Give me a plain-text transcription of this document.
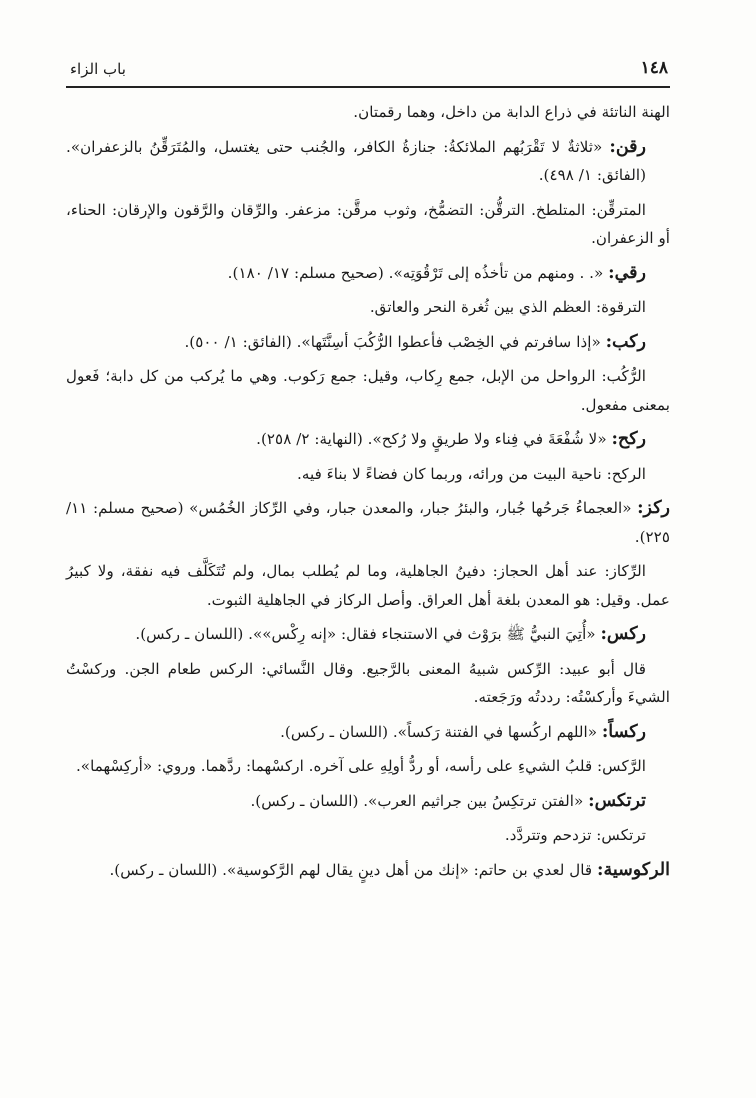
١٤٨
باب الزاء

الهنة الناتئة في ذراع الدابة من داخل، وهما رقمتان.

رقن: «ثلاثةٌ لا تَقْرَبُهم الملائكةُ: جنازةُ الكافر، والجُنب حتى يغتسل، والمُتَرَقِّنُ بالزعفران». (الفائق: ١/ ٤٩٨).

المترقِّن: المتلطخ. الترقُّن: التضمُّخ، وثوب مرقَّن: مزعفر. والرِّقان والرَّقون والإرقان: الحناء، أو الزعفران.

رقي: «. . ومنهم من تأخذُه إلى تَرْقُوَتِه». (صحيح مسلم: ١٧/ ١٨٠).

الترقوة: العظم الذي بين ثُغرة النحر والعاتق.

ركب: «إذا سافرتم في الخِصْب فأعطوا الرُّكُبَ أسِنَّتَها». (الفائق: ١/ ٥٠٠).

الرُّكُب: الرواحل من الإبل، جمع رِكاب، وقيل: جمع رَكوب. وهي ما يُركب من كل دابة؛ فَعول بمعنى مفعول.

ركح: «لا شُفْعَةَ في فِناء ولا طريقٍ ولا رُكح». (النهاية: ٢/ ٢٥٨).

الركح: ناحية البيت من ورائه، وربما كان فضاءً لا بناءَ فيه.

ركز: «العجماءُ جَرحُها جُبار، والبئرُ جبار، والمعدن جبار، وفي الرِّكاز الخُمُس» (صحيح مسلم: ١١/ ٢٢٥).

الرِّكاز: عند أهل الحجاز: دفينُ الجاهلية، وما لم يُطلب بمال، ولم تُتَكَلَّف فيه نفقة، ولا كبيرُ عمل. وقيل: هو المعدن بلغة أهل العراق. وأصل الركاز في الجاهلية الثبوت.

ركس: «أُتِيَ النبيُّ ﷺ برَوْث في الاستنجاء فقال: «إنه رِكْس»». (اللسان ـ ركس).

قال أبو عبيد: الرِّكس شبيهُ المعنى بالرَّجيع. وقال النَّسائي: الركس طعام الجن. وركسْتُ الشيءَ وأركسْتُه: رددتُه ورَجَعته.

ركساً: «اللهم اركُسها في الفتنة رَكساً». (اللسان ـ ركس).

الرَّكس: قلبُ الشيءِ على رأسه، أو ردُّ أولِهِ على آخره. اركسْهما: ردَّهما. وروي: «أركِسْهما».

ترتكس: «الفتن ترتكِسُ بين جراثيم العرب». (اللسان ـ ركس).

ترتكس: تزدحم وتتردَّد.

الركوسية: قال لعدي بن حاتم: «إنك من أهل دينٍ يقال لهم الرَّكوسية». (اللسان ـ ركس).
